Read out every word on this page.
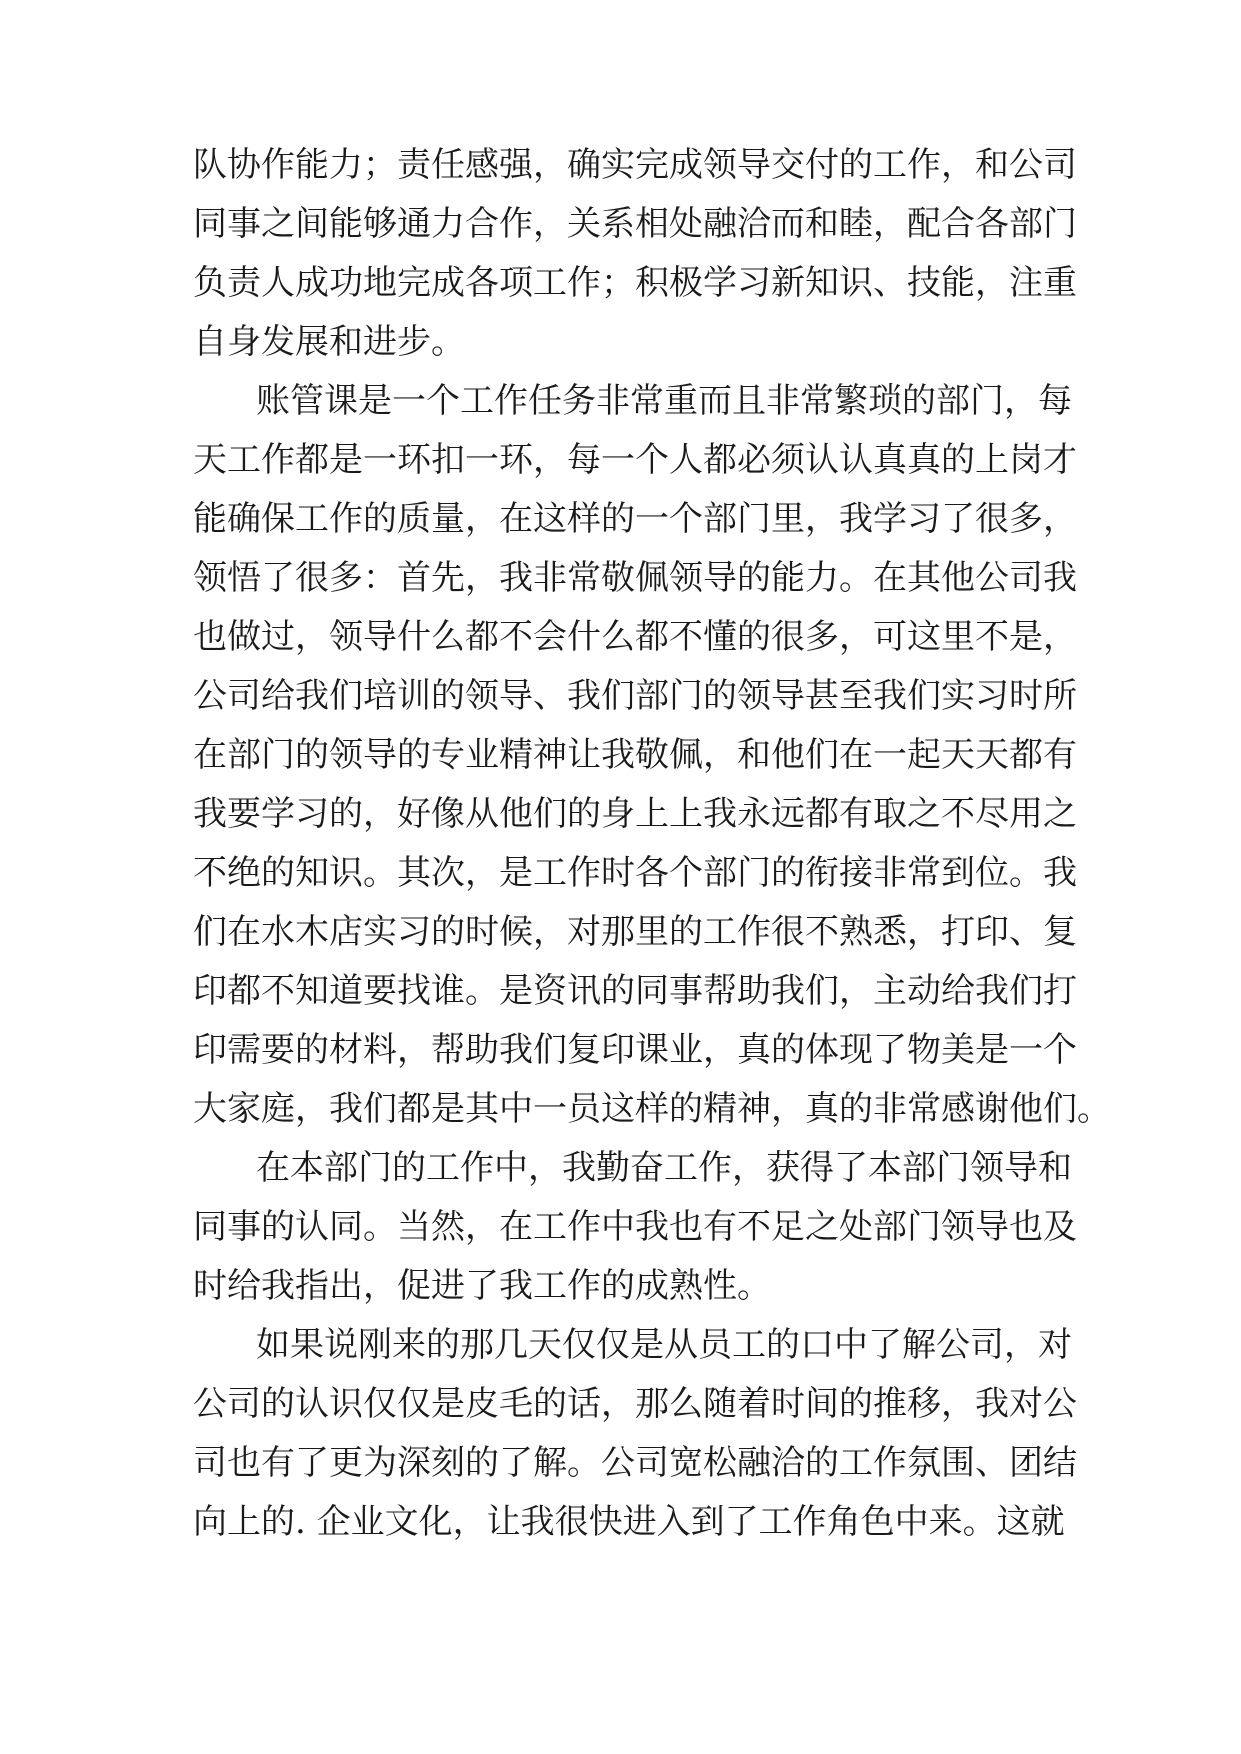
队协作能力；责任感强，确实完成领导交付的工作，和公司
同事之间能够通力合作，关系相处融洽而和睦，配合各部门
负责人成功地完成各项工作；积极学习新知识、技能，注重
自身发展和进步。
账管课是一个工作任务非常重而且非常繁琐的部门，每
天工作都是一环扣一环，每一个人都必须认认真真的上岗才
能确保工作的质量，在这样的一个部门里，我学习了很多，
领悟了很多：首先，我非常敬佩领导的能力。在其他公司我
也做过，领导什么都不会什么都不懂的很多，可这里不是，
公司给我们培训的领导、我们部门的领导甚至我们实习时所
在部门的领导的专业精神让我敬佩，和他们在一起天天都有
我要学习的，好像从他们的身上上我永远都有取之不尽用之
不绝的知识。其次，是工作时各个部门的衔接非常到位。我
们在水木店实习的时候，对那里的工作很不熟悉，打印、复
印都不知道要找谁。是资讯的同事帮助我们，主动给我们打
印需要的材料，帮助我们复印课业，真的体现了物美是一个
大家庭，我们都是其中一员这样的精神，真的非常感谢他们。
在本部门的工作中，我勤奋工作，获得了本部门领导和
同事的认同。当然，在工作中我也有不足之处部门领导也及
时给我指出，促进了我工作的成熟性。
如果说刚来的那几天仅仅是从员工的口中了解公司，对
公司的认识仅仅是皮毛的话，那么随着时间的推移，我对公
司也有了更为深刻的了解。公司宽松融洽的工作氛围、团结
向上的. 企业文化，让我很快进入到了工作角色中来。这就
